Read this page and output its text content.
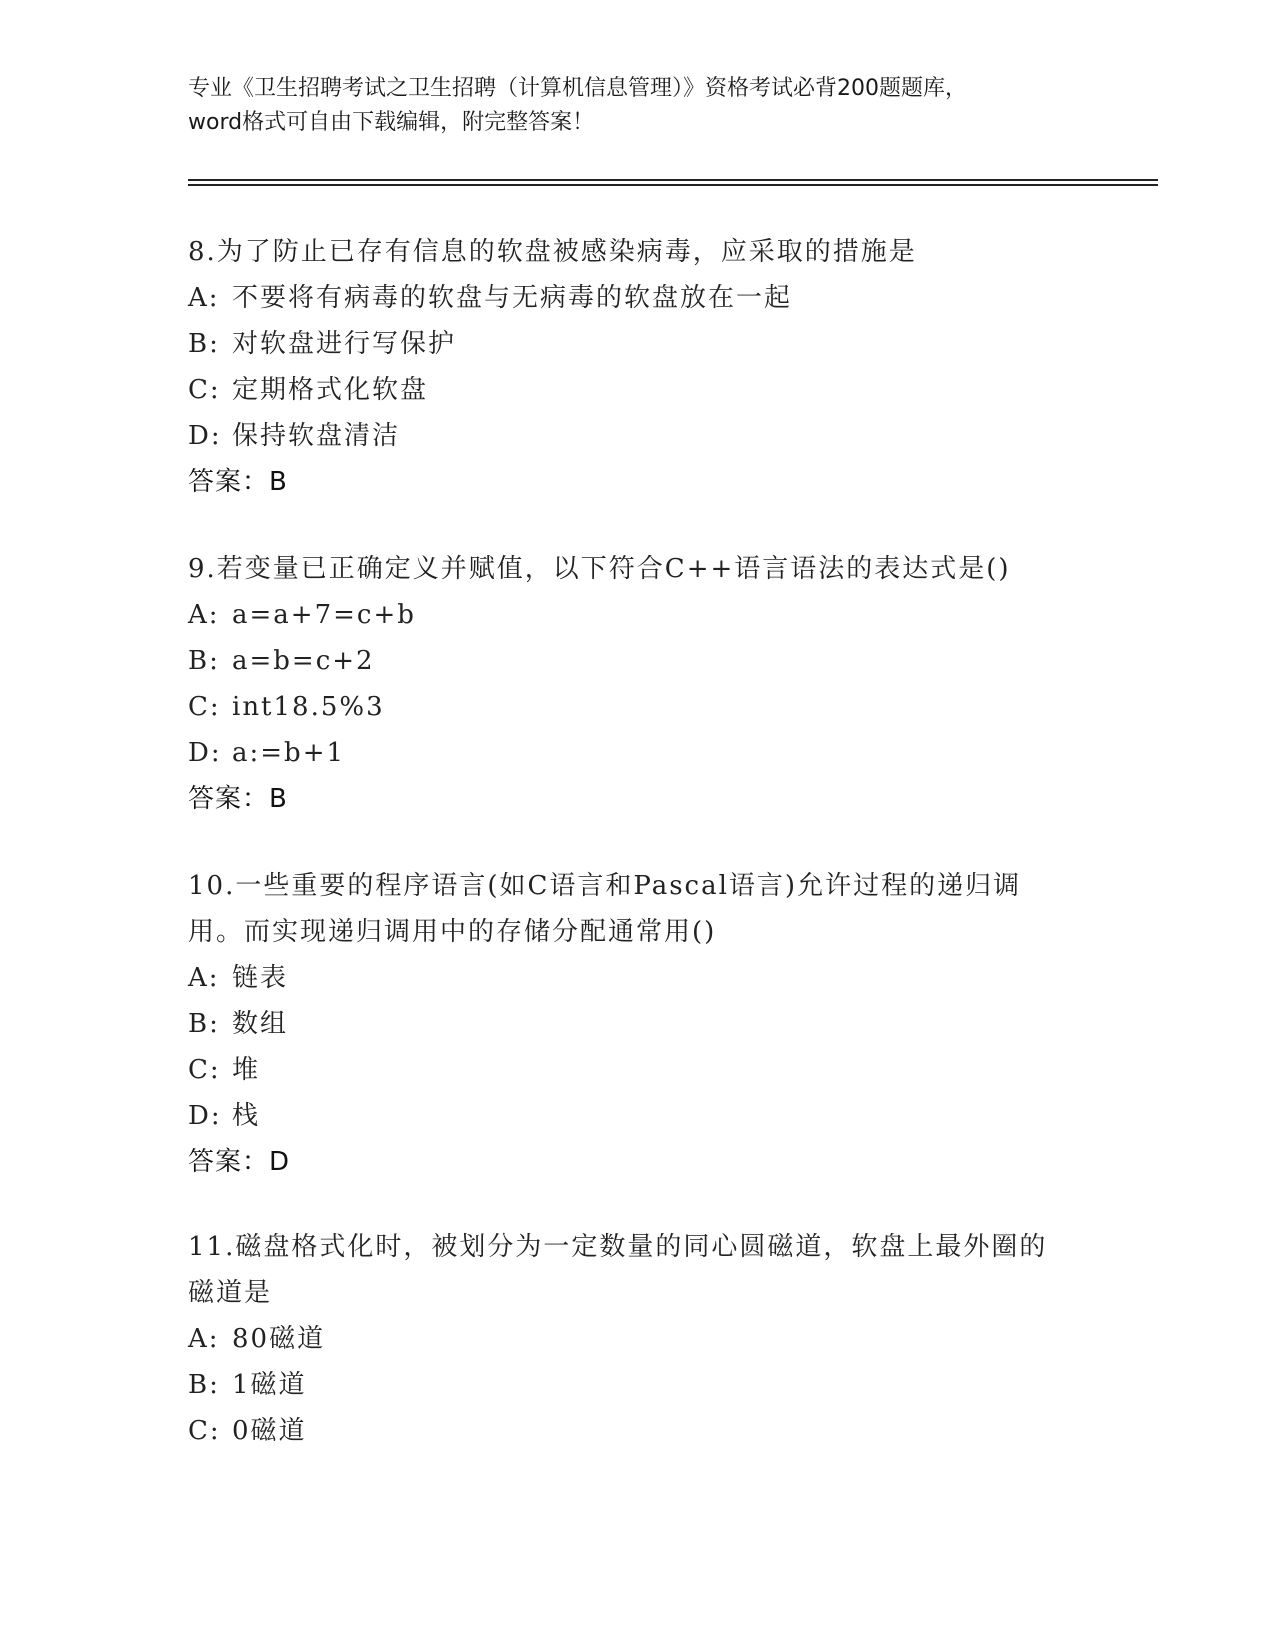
专业《卫生招聘考试之卫生招聘（计算机信息管理）》资格考试必背200题题库，
word格式可自由下载编辑，附完整答案！
8.为了防止已存有信息的软盘被感染病毒，应采取的措施是
A: 不要将有病毒的软盘与无病毒的软盘放在一起
B: 对软盘进行写保护
C: 定期格式化软盘
D: 保持软盘清洁
答案：B
9.若变量已正确定义并赋值，以下符合C++语言语法的表达式是()
A: a=a+7=c+b
B: a=b=c+2
C: int18.5%3
D: a:=b+1
答案：B
10.一些重要的程序语言(如C语言和Pascal语言)允许过程的递归调
用。而实现递归调用中的存储分配通常用()
A: 链表
B: 数组
C: 堆
D: 栈
答案：D
11.磁盘格式化时，被划分为一定数量的同心圆磁道，软盘上最外圈的
磁道是
A: 80磁道
B: 1磁道
C: 0磁道
